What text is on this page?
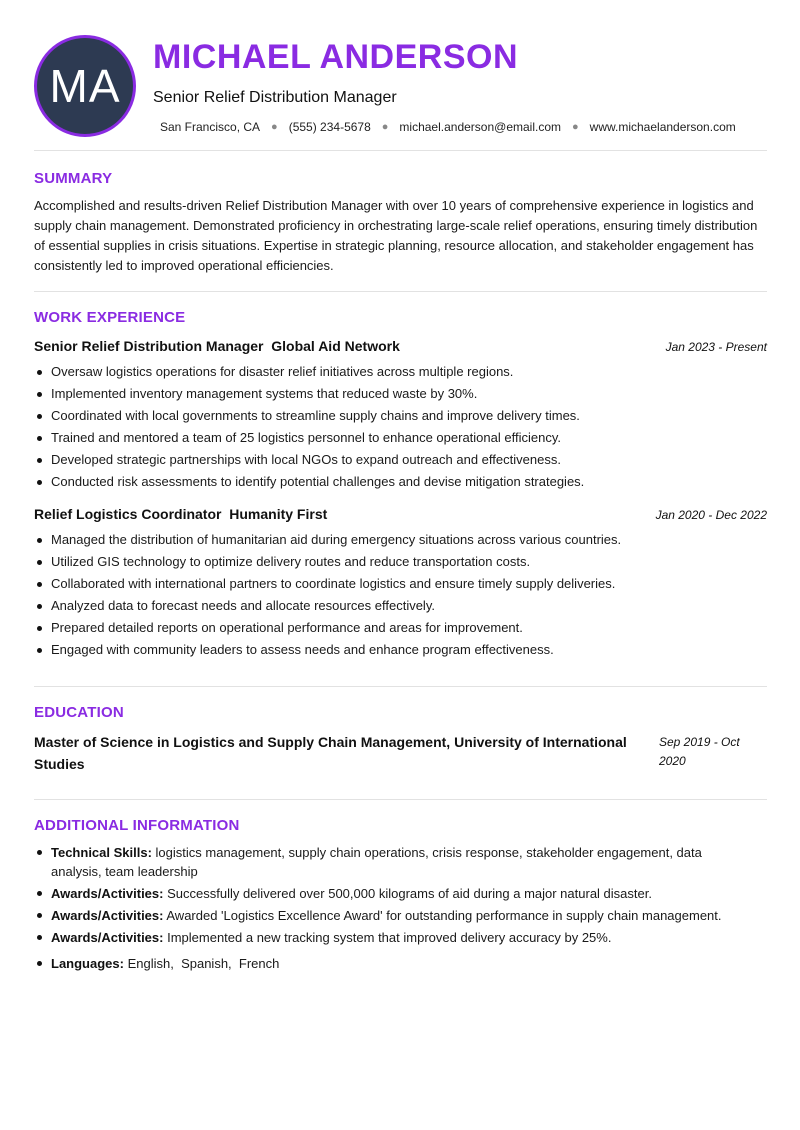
MA
MICHAEL ANDERSON
Senior Relief Distribution Manager
San Francisco, CA ● (555) 234-5678 ● michael.anderson@email.com ● www.michaelanderson.com
SUMMARY

Accomplished and results-driven Relief Distribution Manager with over 10 years of comprehensive experience in logistics and supply chain management. Demonstrated proficiency in orchestrating large-scale relief operations, ensuring timely distribution of essential supplies in crisis situations. Expertise in strategic planning, resource allocation, and stakeholder engagement has consistently led to improved operational efficiencies.

WORK EXPERIENCE
Senior Relief Distribution Manager Global Aid Network	Jan 2023 - Present
Oversaw logistics operations for disaster relief initiatives across multiple regions.
Implemented inventory management systems that reduced waste by 30%.
Coordinated with local governments to streamline supply chains and improve delivery times.
Trained and mentored a team of 25 logistics personnel to enhance operational efficiency.
Developed strategic partnerships with local NGOs to expand outreach and effectiveness.
Conducted risk assessments to identify potential challenges and devise mitigation strategies.
Relief Logistics Coordinator Humanity First	Jan 2020 - Dec 2022
Managed the distribution of humanitarian aid during emergency situations across various countries.
Utilized GIS technology to optimize delivery routes and reduce transportation costs.
Collaborated with international partners to coordinate logistics and ensure timely supply deliveries.
Analyzed data to forecast needs and allocate resources effectively.
Prepared detailed reports on operational performance and areas for improvement.
Engaged with community leaders to assess needs and enhance program effectiveness.
EDUCATION

Master of Science in Logistics and Supply Chain Management, University of International Studies

Sep 2019 - Oct 2020
ADDITIONAL INFORMATION
Technical Skills: logistics management, supply chain operations, crisis response, stakeholder engagement, data analysis, team leadership
Awards/Activities: Successfully delivered over 500,000 kilograms of aid during a major natural disaster.
Awards/Activities: Awarded 'Logistics Excellence Award' for outstanding performance in supply chain management.
Awards/Activities: Implemented a new tracking system that improved delivery accuracy by 25%.
Languages: English,  Spanish,  French
